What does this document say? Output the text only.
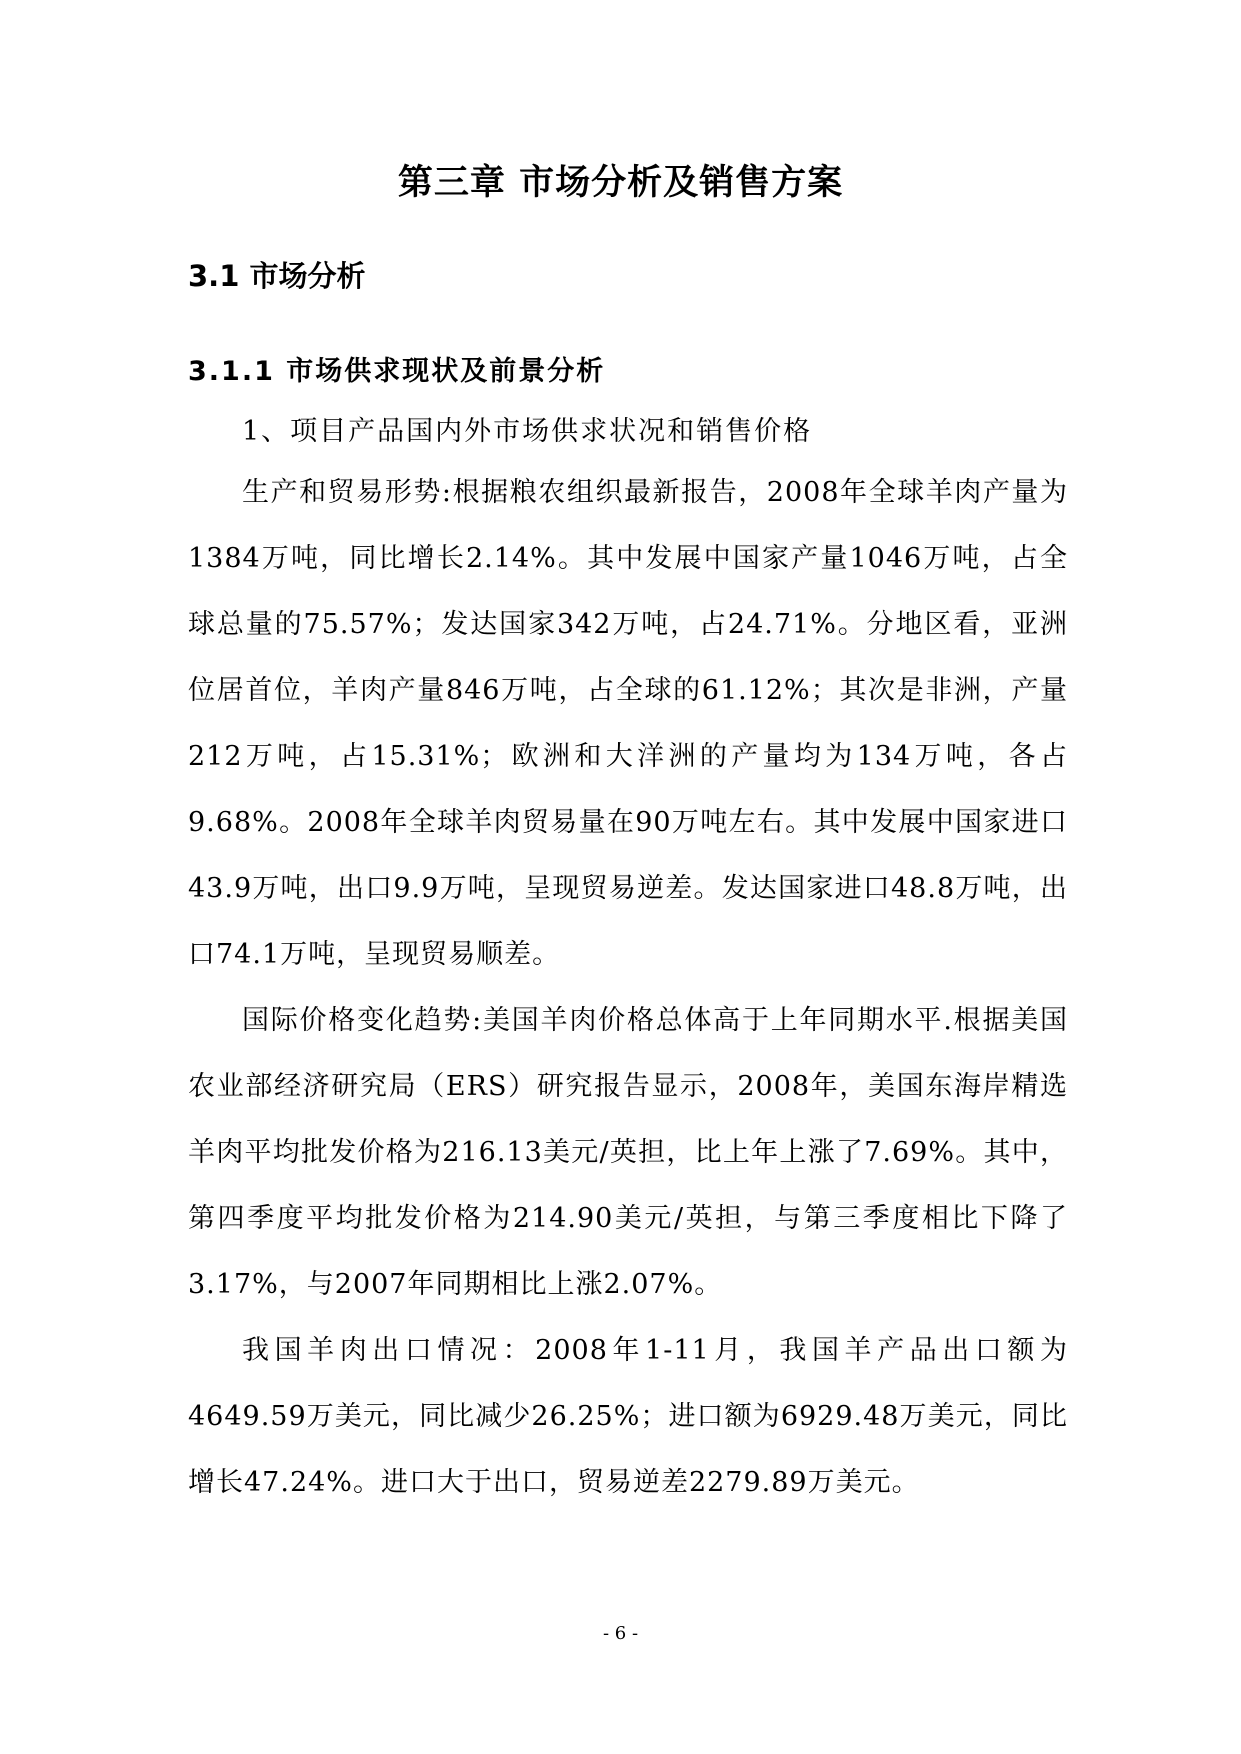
第三章 市场分析及销售方案
3.1 市场分析
3.1.1 市场供求现状及前景分析

1、项目产品国内外市场供求状况和销售价格

生产和贸易形势:根据粮农组织最新报告，2008年全球羊肉产量为1384万吨，同比增长2.14%。其中发展中国家产量1046万吨，占全球总量的75.57%；发达国家342万吨，占24.71%。分地区看，亚洲位居首位，羊肉产量846万吨，占全球的61.12%；其次是非洲，产量212万吨，占15.31%；欧洲和大洋洲的产量均为134万吨，各占9.68%。2008年全球羊肉贸易量在90万吨左右。其中发展中国家进口43.9万吨，出口9.9万吨，呈现贸易逆差。发达国家进口48.8万吨，出口74.1万吨，呈现贸易顺差。

国际价格变化趋势:美国羊肉价格总体高于上年同期水平.根据美国农业部经济研究局（ERS）研究报告显示，2008年，美国东海岸精选羊肉平均批发价格为216.13美元/英担，比上年上涨了7.69%。其中，第四季度平均批发价格为214.90美元/英担，与第三季度相比下降了3.17%，与2007年同期相比上涨2.07%。

我国羊肉出口情况：2008年1-11月，我国羊产品出口额为4649.59万美元，同比减少26.25%；进口额为6929.48万美元，同比增长47.24%。进口大于出口，贸易逆差2279.89万美元。

- 6 -
